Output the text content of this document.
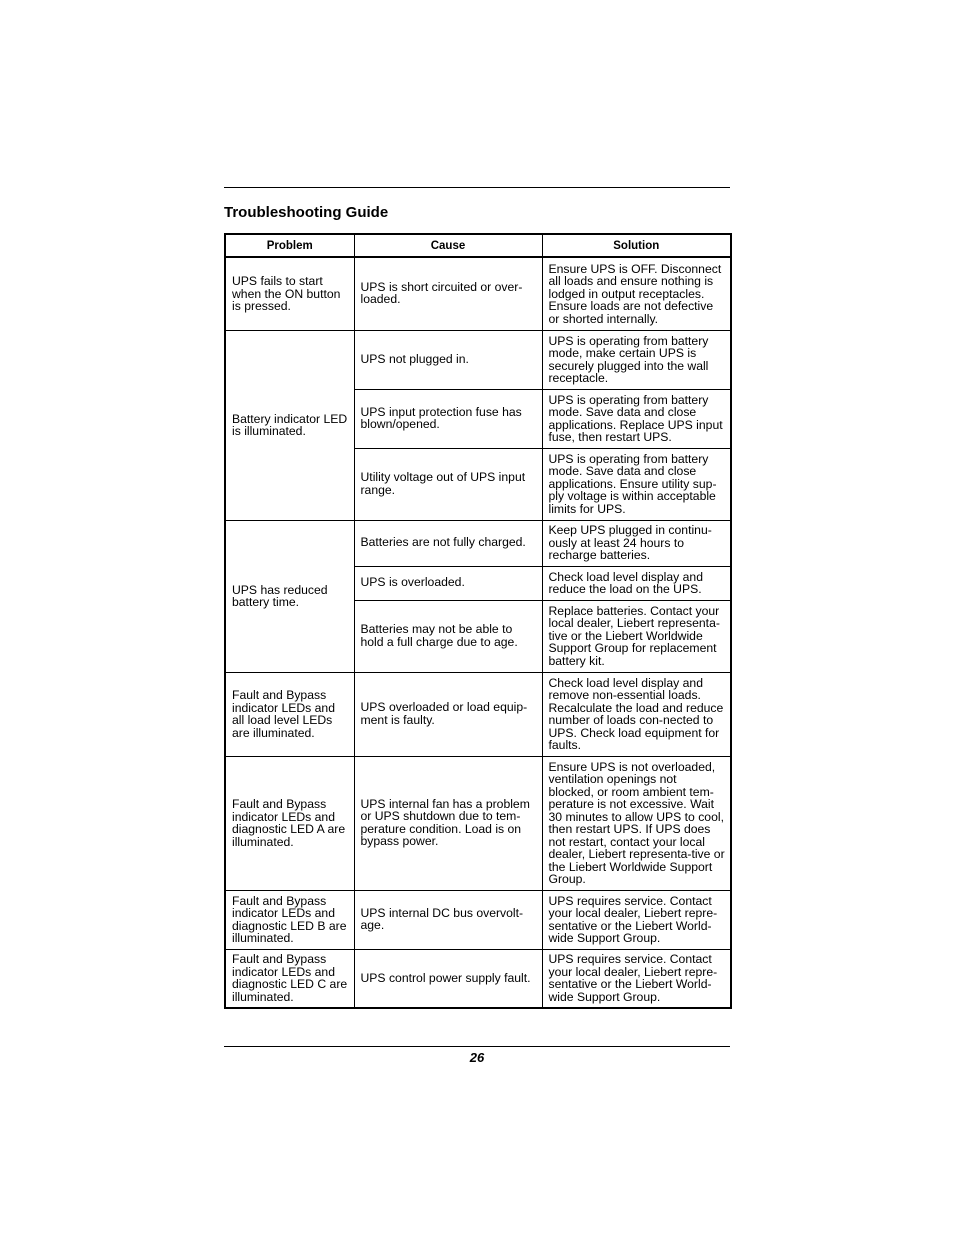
Troubleshooting Guide
Problem	Cause	Solution
UPS fails to start when the ON button is pressed.	UPS is short circuited or over-loaded.	Ensure UPS is OFF. Disconnect all loads and ensure nothing is lodged in output receptacles. Ensure loads are not defective or shorted internally.
Battery indicator LED is illuminated.	UPS not plugged in.	UPS is operating from battery mode, make certain UPS is securely plugged into the wall receptacle.
	UPS input protection fuse has blown/opened.	UPS is operating from battery mode. Save data and close applications. Replace UPS input fuse, then restart UPS.
	Utility voltage out of UPS input range.	UPS is operating from battery mode. Save data and close applications. Ensure utility sup-ply voltage is within acceptable limits for UPS.
UPS has reduced battery time.	Batteries are not fully charged.	Keep UPS plugged in continu-ously at least 24 hours to recharge batteries.
	UPS is overloaded.	Check load level display and reduce the load on the UPS.
	Batteries may not be able to hold a full charge due to age.	Replace batteries. Contact your local dealer, Liebert representa-tive or the Liebert Worldwide Support Group for replacement battery kit.
Fault and Bypass indicator LEDs and all load level LEDs are illuminated.	UPS overloaded or load equip-ment is faulty.	Check load level display and remove non-essential loads. Recalculate the load and reduce number of loads con-nected to UPS. Check load equipment for faults.
Fault and Bypass indicator LEDs and diagnostic LED A are illuminated.	UPS internal fan has a problem or UPS shutdown due to tem-perature condition. Load is on bypass power.	Ensure UPS is not overloaded, ventilation openings not blocked, or room ambient tem-perature is not excessive. Wait 30 minutes to allow UPS to cool, then restart UPS. If UPS does not restart, contact your local dealer, Liebert representa-tive or the Liebert Worldwide Support Group.
Fault and Bypass indicator LEDs and diagnostic LED B are illuminated.	UPS internal DC bus overvolt-age.	UPS requires service. Contact your local dealer, Liebert repre-sentative or the Liebert World-wide Support Group.
Fault and Bypass indicator LEDs and diagnostic LED C are illuminated.	UPS control power supply fault.	UPS requires service. Contact your local dealer, Liebert repre-sentative or the Liebert World-wide Support Group.
26
